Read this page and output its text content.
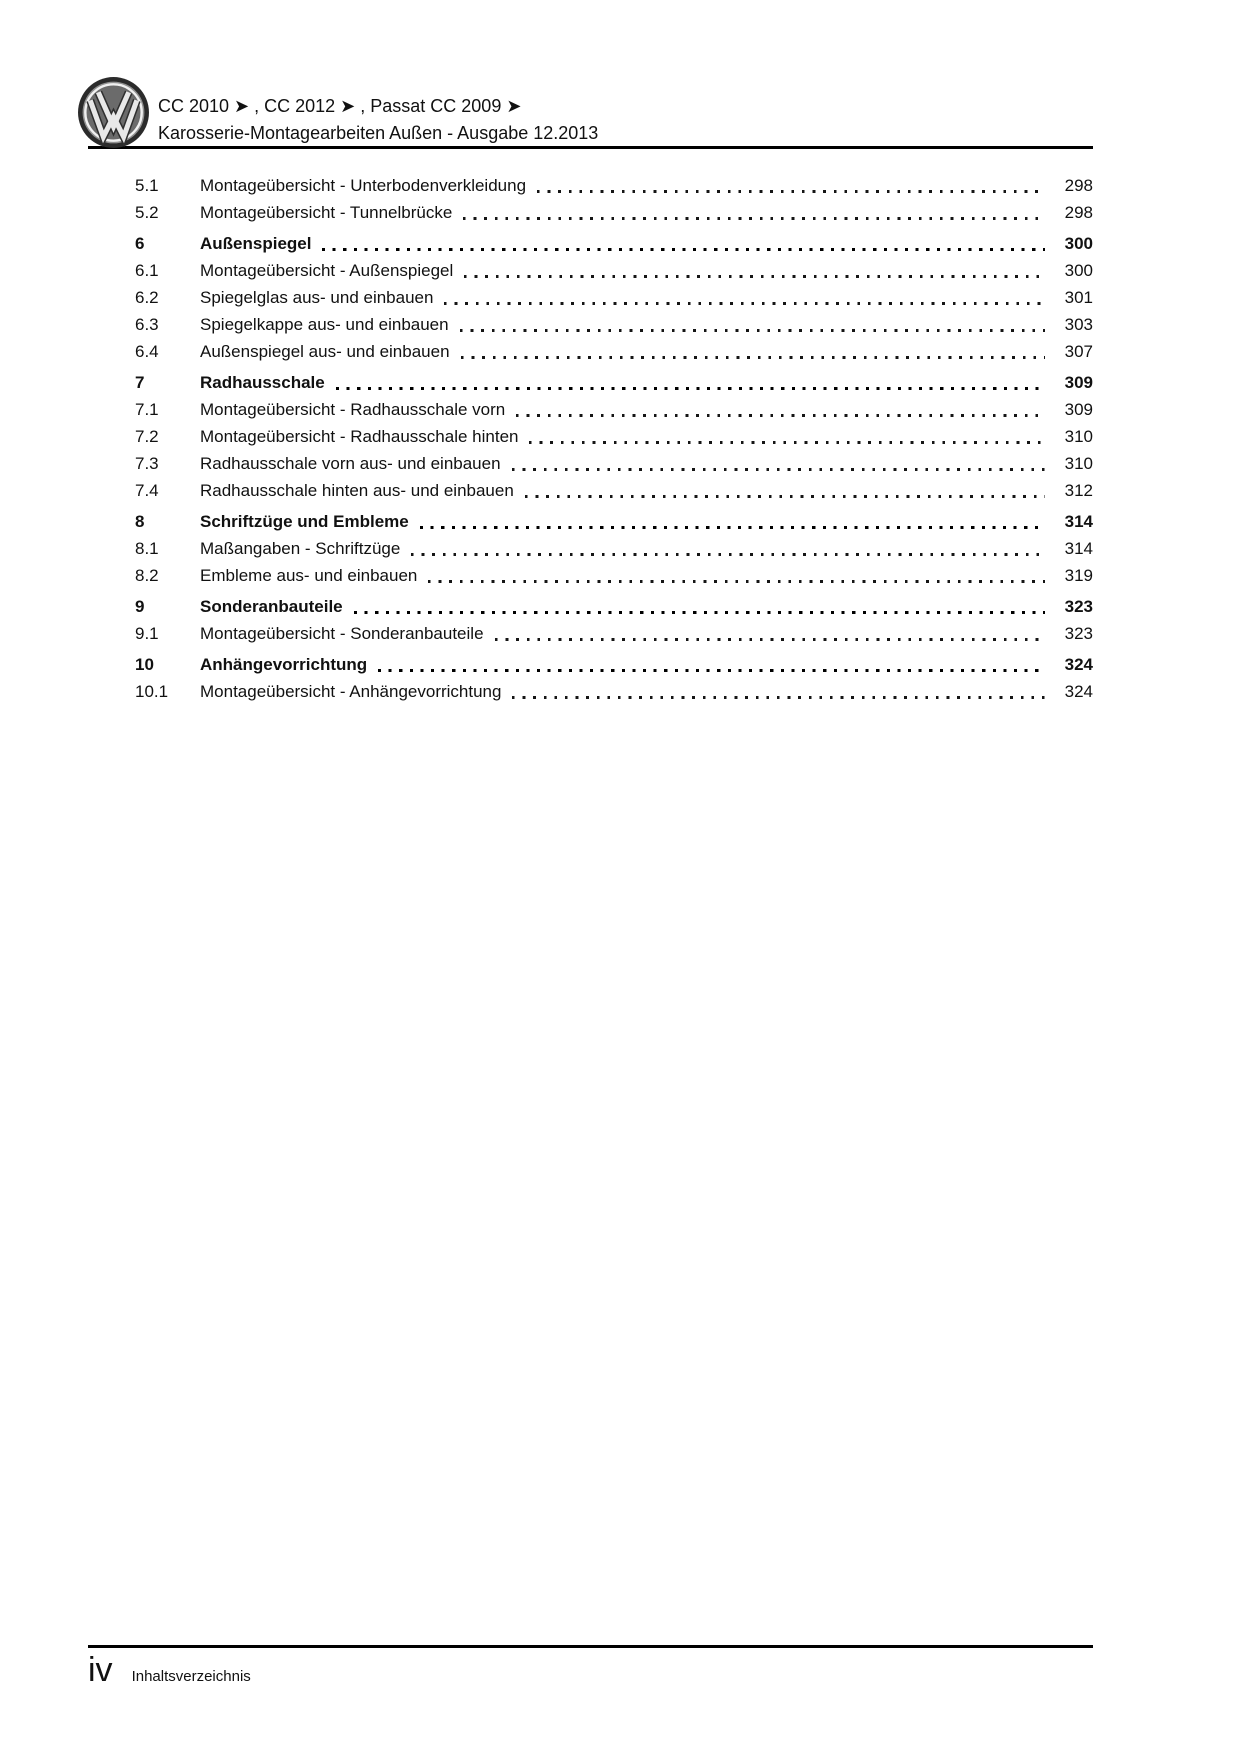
CC 2010 ➤ , CC 2012 ➤ , Passat CC 2009 ➤
Karosserie-Montagearbeiten Außen - Ausgabe 12.2013
5.1	Montageübersicht - Unterbodenverkleidung	298
5.2	Montageübersicht - Tunnelbrücke	298
6	Außenspiegel	300
6.1	Montageübersicht - Außenspiegel	300
6.2	Spiegelglas aus- und einbauen	301
6.3	Spiegelkappe aus- und einbauen	303
6.4	Außenspiegel aus- und einbauen	307
7	Radhausschale	309
7.1	Montageübersicht - Radhausschale vorn	309
7.2	Montageübersicht - Radhausschale hinten	310
7.3	Radhausschale vorn aus- und einbauen	310
7.4	Radhausschale hinten aus- und einbauen	312
8	Schriftzüge und Embleme	314
8.1	Maßangaben - Schriftzüge	314
8.2	Embleme aus- und einbauen	319
9	Sonderanbauteile	323
9.1	Montageübersicht - Sonderanbauteile	323
10	Anhängevorrichtung	324
10.1	Montageübersicht - Anhängevorrichtung	324
iv Inhaltsverzeichnis
